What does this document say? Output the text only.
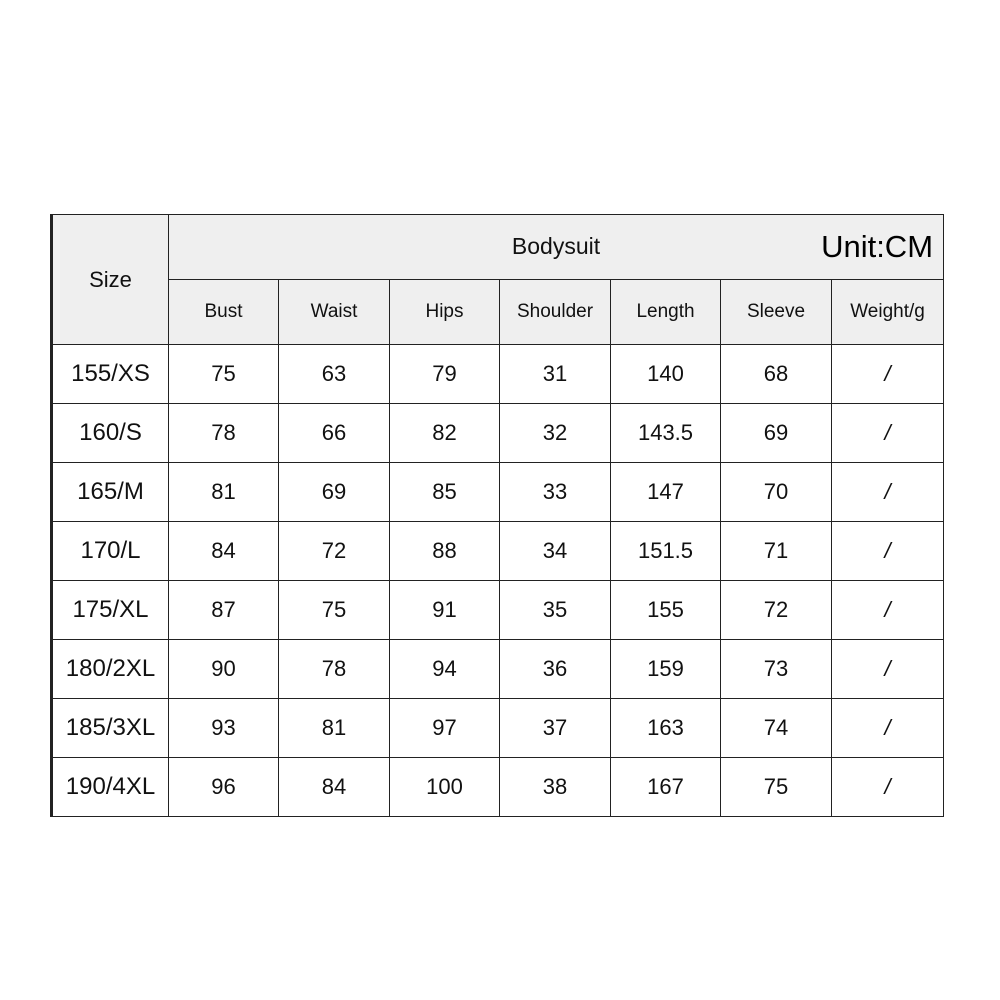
Size	Bodysuit Unit:CM						

	Bust	Waist	Hips	Shoulder	Length	Sleeve	Weight/g
155/XS	75	63	79	31	140	68	/
160/S	78	66	82	32	143.5	69	/
165/M	81	69	85	33	147	70	/
170/L	84	72	88	34	151.5	71	/
175/XL	87	75	91	35	155	72	/
180/2XL	90	78	94	36	159	73	/
185/3XL	93	81	97	37	163	74	/
190/4XL	96	84	100	38	167	75	/
